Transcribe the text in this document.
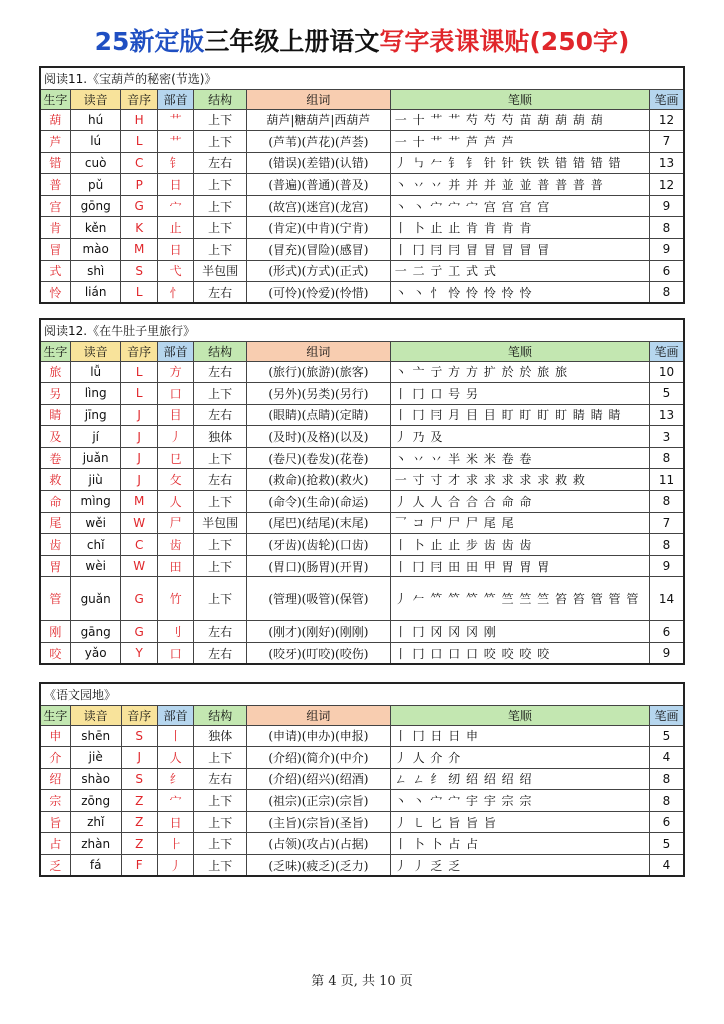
25新定版三年级上册语文写字表课课贴(250字)
阅读11.《宝葫芦的秘密(节选)》							
生字	读音	音序	部首	结构	组词	笔顺	笔画
葫	hú	H	艹	上下	葫芦|糖葫芦|西葫芦	一 十 艹 艹 芍 芍 芍 苗 葫 葫 葫 葫	12
芦	lú	L	艹	上下	(芦苇)(芦花)(芦荟)	一 十 艹 艹 芦 芦 芦	7
错	cuò	C	钅	左右	(错误)(差错)(认错)	丿 ㇉ 𠂉 钅 钅 针 针 铁 铁 错 错 错 错	13
普	pǔ	P	日	上下	(普遍)(普通)(普及)	丶 丷 丷 并 并 并 並 並 普 普 普 普	12
宫	gōng	G	宀	上下	(故宫)(迷宫)(龙宫)	丶 丶 宀 宀 宀 宫 宫 宫 宫	9
肯	kěn	K	止	上下	(肯定)(中肯)(宁肯)	丨 卜 止 止 肯 肯 肯 肯	8
冒	mào	M	日	上下	(冒充)(冒险)(感冒)	丨 冂 冃 冃 冒 冒 冒 冒 冒	9
式	shì	S	弋	半包围	(形式)(方式)(正式)	一 二 亍 工 式 式	6
怜	lián	L	忄	左右	(可怜)(怜爱)(怜惜)	丶 丶 忄 怜 怜 怜 怜 怜	8
阅读12.《在牛肚子里旅行》							
生字	读音	音序	部首	结构	组词	笔顺	笔画
旅	lǚ	L	方	左右	(旅行)(旅游)(旅客)	丶 亠 亍 方 方 扩 於 於 旅 旅	10
另	lìng	L	口	上下	(另外)(另类)(另行)	丨 冂 口 号 另	5
睛	jīng	J	目	左右	(眼睛)(点睛)(定睛)	丨 冂 冃 月 目 目 盯 盯 盯 盯 睛 睛 睛	13
及	jí	J	丿	独体	(及时)(及格)(以及)	丿 乃 及	3
卷	juǎn	J	㔾	上下	(卷尺)(卷发)(花卷)	丶 丷 丷 半 米 米 卷 卷	8
救	jiù	J	攵	左右	(救命)(抢救)(救火)	一 寸 寸 才 求 求 求 求 求 救 救	11
命	mìng	M	人	上下	(命令)(生命)(命运)	丿 人 人 合 合 合 命 命	8
尾	wěi	W	尸	半包围	(尾巴)(结尾)(末尾)	乛 コ 尸 尸 尸 尾 尾	7
齿	chǐ	C	齿	上下	(牙齿)(齿轮)(口齿)	丨 卜 止 止 步 齿 齿 齿	8
胃	wèi	W	田	上下	(胃口)(肠胃)(开胃)	丨 冂 冃 田 田 甲 胃 胃 胃	9
管	guǎn	G	竹	上下	(管理)(吸管)(保管)	丿 𠂉 𥫗 𥫗 𥫗 𥫗 竺 竺 竺 笞 笞 管 管 管	14
刚	gāng	G	刂	左右	(刚才)(刚好)(刚刚)	丨 冂 冈 冈 冈 刚	6
咬	yǎo	Y	口	左右	(咬牙)(叮咬)(咬伤)	丨 冂 口 口 口 咬 咬 咬 咬	9
《语文园地》							
生字	读音	音序	部首	结构	组词	笔顺	笔画
申	shēn	S	丨	独体	(申请)(申办)(申报)	丨 冂 日 日 申	5
介	jiè	J	人	上下	(介绍)(简介)(中介)	丿 人 介 介	4
绍	shào	S	纟	左右	(介绍)(绍兴)(绍酒)	ㄥ ㄥ 纟 纫 绍 绍 绍 绍	8
宗	zōng	Z	宀	上下	(祖宗)(正宗)(宗旨)	丶 丶 宀 宀 宇 宇 宗 宗	8
旨	zhǐ	Z	日	上下	(主旨)(宗旨)(圣旨)	丿 ㇄ 匕 旨 旨 旨	6
占	zhàn	Z	⺊	上下	(占领)(攻占)(占据)	丨 卜 卜 占 占	5
乏	fá	F	丿	上下	(乏味)(疲乏)(乏力)	丿 丿 乏 乏	4
第 4 页, 共 10 页
